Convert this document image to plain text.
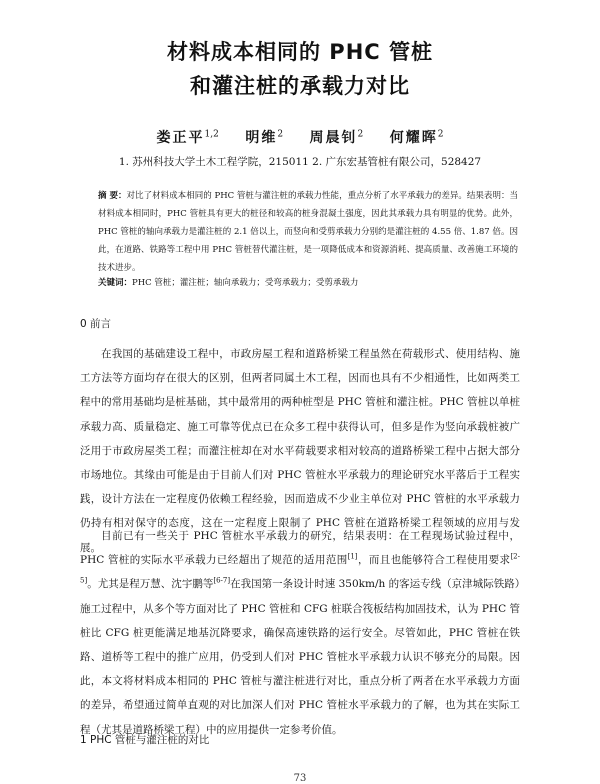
材料成本相同的 PHC 管桩
和灌注桩的承载力对比
娄正平$^{1,2}$ 明维$^2$ 周晨钊$^2$ 何耀晖$^2$
1. 苏州科技大学土木工程学院，215011 2. 广东宏基管桩有限公司，528427
摘 要：对比了材料成本相同的 PHC 管桩与灌注桩的承载力性能，重点分析了水平承载力的差异。结果表明：当材料成本相同时，PHC 管桩具有更大的桩径和较高的桩身混凝土强度，因此其承载力具有明显的优势。此外，PHC 管桩的轴向承载力是灌注桩的 2.1 倍以上，而竖向和受剪承载力分别约是灌注桩的 4.55 倍、1.87 倍。因此，在道路、铁路等工程中用 PHC 管桩替代灌注桩，是一项降低成本和资源消耗、提高质量、改善施工环境的技术进步。
关键词：PHC 管桩；灌注桩；轴向承载力；受弯承载力；受剪承载力
0 前言
在我国的基础建设工程中，市政房屋工程和道路桥梁工程虽然在荷载形式、使用结构、施工方法等方面均存在很大的区别，但两者同属土木工程，因而也具有不少相通性，比如两类工程中的常用基础均是桩基础，其中最常用的两种桩型是 PHC 管桩和灌注桩。PHC 管桩以单桩承载力高、质量稳定、施工可靠等优点已在众多工程中获得认可，但多是作为竖向承载桩被广泛用于市政房屋类工程；而灌注桩却在对水平荷载要求相对较高的道路桥梁工程中占据大部分市场地位。其缘由可能是由于目前人们对 PHC 管桩水平承载力的理论研究水平落后于工程实践，设计方法在一定程度仍依赖工程经验，因而造成不少业主单位对 PHC 管桩的水平承载力仍持有相对保守的态度，这在一定程度上限制了 PHC 管桩在道路桥梁工程领域的应用与发展。
目前已有一些关于 PHC 管桩水平承载力的研究，结果表明：在工程现场试验过程中，PHC 管桩的实际水平承载力已经超出了规范的适用范围[1]，而且也能够符合工程使用要求[2-5]。尤其是程万慧、沈宇鹏等[6-7]在我国第一条设计时速 350km/h 的客运专线（京津城际铁路）施工过程中，从多个等方面对比了 PHC 管桩和 CFG 桩联合筏板结构加固技术，认为 PHC 管桩比 CFG 桩更能满足地基沉降要求，确保高速铁路的运行安全。尽管如此，PHC 管桩在铁路、道桥等工程中的推广应用，仍受到人们对 PHC 管桩水平承载力认识不够充分的局限。因此，本文将材料成本相同的 PHC 管桩与灌注桩进行对比，重点分析了两者在水平承载力方面的差异，希望通过简单直观的对比加深人们对 PHC 管桩水平承载力的了解，也为其在实际工程（尤其是道路桥梁工程）中的应用提供一定参考价值。
1 PHC 管桩与灌注桩的对比
73
